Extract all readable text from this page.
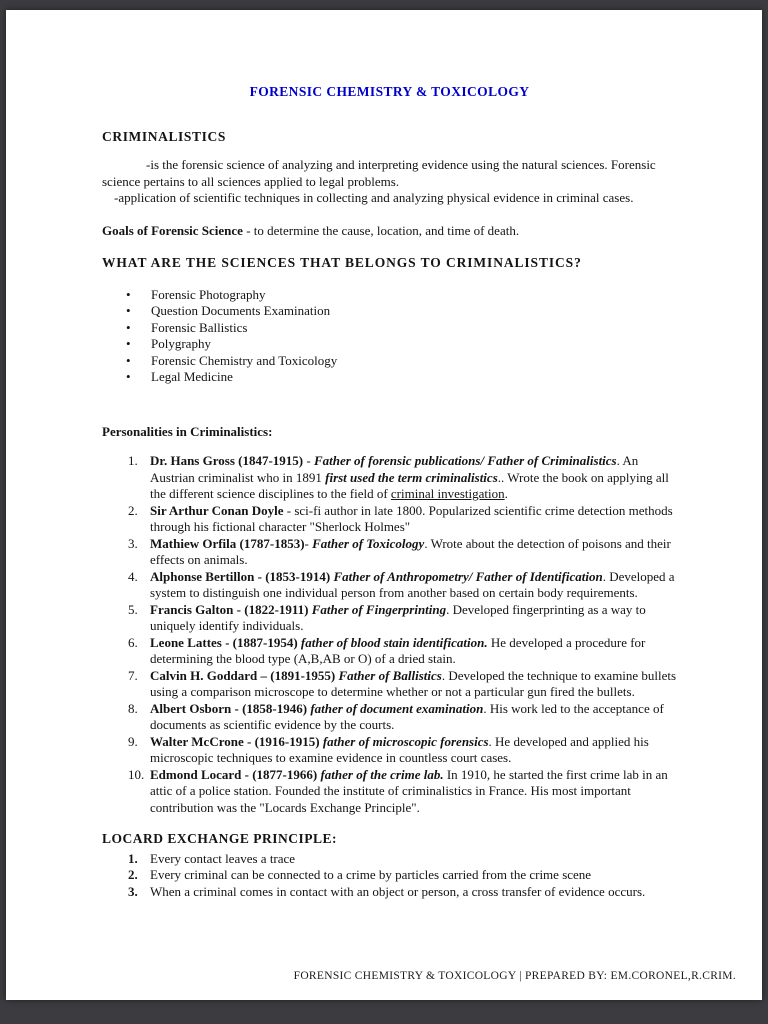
FORENSIC CHEMISTRY & TOXICOLOGY
CRIMINALISTICS

-is the forensic science of analyzing and interpreting evidence using the natural sciences. Forensic science pertains to all sciences applied to legal problems.

-application of scientific techniques in collecting and analyzing physical evidence in criminal cases.

Goals of Forensic Science - to determine the cause, location, and time of death.

WHAT ARE THE SCIENCES THAT BELONGS TO CRIMINALISTICS?
•	Forensic Photography
•	Question Documents Examination
•	Forensic Ballistics
•	Polygraphy
•	Forensic Chemistry and Toxicology
•	Legal Medicine
Personalities in Criminalistics:
1. Dr. Hans Gross (1847-1915) - Father of forensic publications/ Father of Criminalistics. An Austrian criminalist who in 1891 first used the term criminalistics.. Wrote the book on applying all the different science disciplines to the field of criminal investigation.
2. Sir Arthur Conan Doyle - sci-fi author in late 1800. Popularized scientific crime detection methods through his fictional character "Sherlock Holmes"
3. Mathiew Orfila (1787-1853)- Father of Toxicology. Wrote about the detection of poisons and their effects on animals.
4. Alphonse Bertillon - (1853-1914) Father of Anthropometry/ Father of Identification. Developed a system to distinguish one individual person from another based on certain body requirements.
5. Francis Galton - (1822-1911) Father of Fingerprinting. Developed fingerprinting as a way to uniquely identify individuals.
6. Leone Lattes - (1887-1954) father of blood stain identification. He developed a procedure for determining the blood type (A,B,AB or O) of a dried stain.
7. Calvin H. Goddard – (1891-1955) Father of Ballistics. Developed the technique to examine bullets using a comparison microscope to determine whether or not a particular gun fired the bullets.
8. Albert Osborn - (1858-1946) father of document examination. His work led to the acceptance of documents as scientific evidence by the courts.
9. Walter McCrone - (1916-1915) father of microscopic forensics. He developed and applied his microscopic techniques to examine evidence in countless court cases.
10. Edmond Locard - (1877-1966) father of the crime lab. In 1910, he started the first crime lab in an attic of a police station. Founded the institute of criminalistics in France. His most important contribution was the "Locards Exchange Principle".
LOCARD EXCHANGE PRINCIPLE:
1. Every contact leaves a trace
2. Every criminal can be connected to a crime by particles carried from the crime scene
3. When a criminal comes in contact with an object or person, a cross transfer of evidence occurs.
FORENSIC CHEMISTRY & TOXICOLOGY | PREPARED BY: EM.CORONEL,R.CRIM.
